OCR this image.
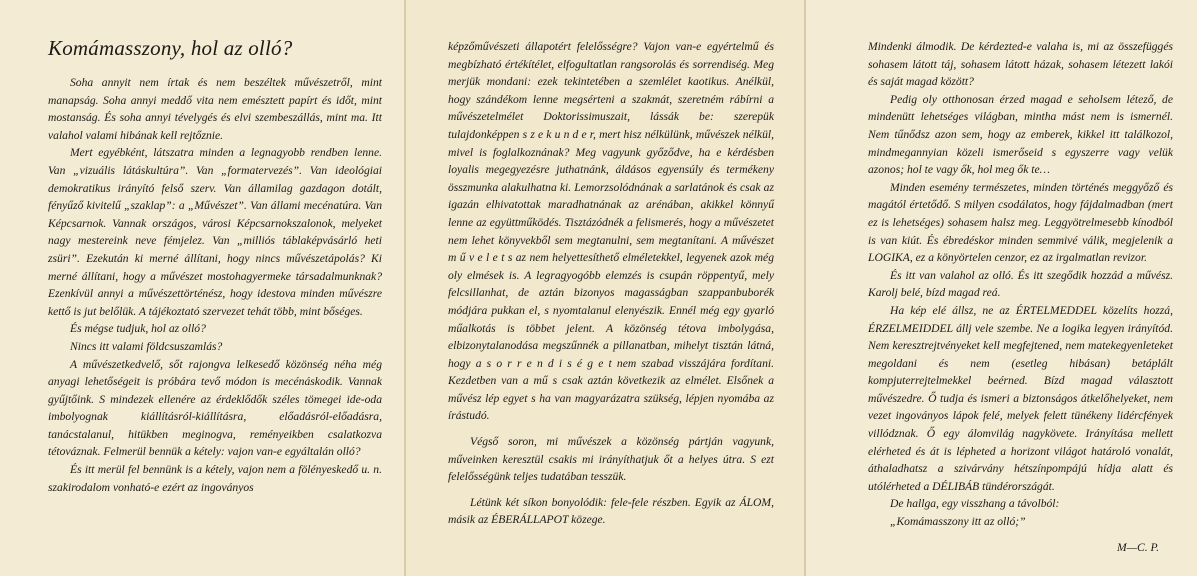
Komámasszony, hol az olló?

Soha annyit nem írtak és nem beszéltek művészetről, mint manapság. Soha annyi meddő vita nem emésztett papírt és időt, mint mostanság. És soha annyi tévelygés és elvi szembeszállás, mint ma. Itt valahol valami hibának kell rejtőznie.

Mert egyébként, látszatra minden a legnagyobb rendben lenne. Van „vizuális látáskultúra”. Van „formatervezés”. Van ideológiai demokratikus irányító felső szerv. Van államilag gazdagon dotált, fényűző kivitelű „szaklap”: a „Művészet”. Van állami mecénatúra. Van Képcsarnok. Vannak országos, városi Képcsarnokszalonok, melyeket nagy mestereink neve fémjelez. Van „milliós táblaképvásárló heti zsüri”. Ezekután ki merné állítani, hogy nincs művészetápolás? Ki merné állítani, hogy a művészet mostohagyermeke társadalmunknak? Ezenkívül annyi a művészettörténész, hogy idestova minden művészre kettő is jut belőlük. A tájékoztató szervezet tehát több, mint bőséges.

És mégse tudjuk, hol az olló?

Nincs itt valami földcsuszamlás?

A művészetkedvelő, sőt rajongva lelkesedő közönség néha még anyagi lehetőségeit is próbára tevő módon is mecénáskodik. Vannak gyűjtőink. S mindezek ellenére az érdeklődők széles tömegei ide-oda imbolyognak kiállításról-kiállításra, előadásról-előadásra, tanácstalanul, hitükben meginogva, reményeikben csalatkozva tétováznak. Felmerül bennük a kétely: vajon van-e egyáltalán olló?

És itt merül fel bennünk is a kétely, vajon nem a fölényeskedő u. n. szakirodalom vonható-e ezért az ingoványos

képzőművészeti állapotért felelősségre? Vajon van-e egyértelmű és megbízható értékítélet, elfogultatlan rangsorolás és sorrendiség. Meg merjük mondani: ezek tekintetében a szemlélet kaotikus. Anélkül, hogy szándékom lenne megsérteni a szakmát, szeretném rábírni a művészetelmélet Doktorissimuszait, lássák be: szerepük tulajdonképpen s z e k u n d e r, mert hisz nélkülünk, művészek nélkül, mivel is foglalkoznának? Meg vagyunk győződve, ha e kérdésben loyalis megegyezésre juthatnánk, áldásos egyensúly és termékeny összmunka alakulhatna ki. Lemorzsolódnának a sarlatánok és csak az igazán elhivatottak maradhatnának az arénában, akikkel könnyű lenne az együttműködés. Tisztázódnék a felismerés, hogy a művészetet nem lehet könyvekből sem megtanulni, sem megtanítani. A művészet m ű v e l e t s az nem helyettesíthető elméletekkel, legyenek azok még oly elmések is. A legragyogóbb elemzés is csupán röppentyű, mely felcsillanhat, de aztán bizonyos magasságban szappanbuborék módjára pukkan el, s nyomtalanul elenyészik. Ennél még egy gyarló műalkotás is többet jelent. A közönség tétova imbolygása, elbizonytalanodása megszűnnék a pillanatban, mihelyt tisztán látná, hogy a s o r r e n d i s é g e t nem szabad visszájára fordítani. Kezdetben van a mű s csak aztán következik az elmélet. Elsőnek a művész lép egyet s ha van magyarázatra szükség, lépjen nyomába az írástudó.

Végső soron, mi művészek a közönség pártján vagyunk, műveinken keresztül csakis mi irányíthatjuk őt a helyes útra. S ezt felelősségünk teljes tudatában tesszük.

Létünk két síkon bonyolódik: fele-fele részben. Egyik az ÁLOM, másik az ÉBERÁLLAPOT közege.

Mindenki álmodik. De kérdezted-e valaha is, mi az összefüggés sohasem látott táj, sohasem látott házak, sohasem létezett lakói és saját magad között?

Pedig oly otthonosan érzed magad e seholsem létező, de mindenütt lehetséges világban, mintha mást nem is ismernél. Nem tűnődsz azon sem, hogy az emberek, kikkel itt találkozol, mindmegannyian közeli ismerőseid s egyszerre vagy velük azonos; hol te vagy ők, hol meg ők te…

Minden esemény természetes, minden történés meggyőző és magától értetődő. S milyen csodálatos, hogy fájdalmadban (mert ez is lehetséges) sohasem halsz meg. Leggyötrelmesebb kínodból is van kiút. És ébredéskor minden semmivé válik, megjelenik a LOGIKA, ez a könyörtelen cenzor, ez az irgalmatlan revizor.

És itt van valahol az olló. És itt szegődik hozzád a művész. Karolj belé, bízd magad reá.

Ha kép elé állsz, ne az ÉRTELMEDDEL közelíts hozzá, ÉRZELMEIDDEL állj vele szembe. Ne a logika legyen irányítód. Nem keresztrejtvényeket kell megfejtened, nem matekegyenleteket megoldani és nem (esetleg hibásan) betáplált kompjuterrejtelmekkel beérned. Bízd magad választott művészedre. Ő tudja és ismeri a biztonságos átkelőhelyeket, nem vezet ingoványos lápok felé, melyek felett tünékeny lidércfények villódznak. Ő egy álomvilág nagykövete. Irányítása mellett elérheted és át is lépheted a horizont világot határoló vonalát, áthaladhatsz a szivárvány hétszínpompájú hídja alatt és utólérheted a DÉLIBÁB tündérországát.

De hallga, egy visszhang a távolból:

„Komámasszony itt az olló;”

M—C. P.
